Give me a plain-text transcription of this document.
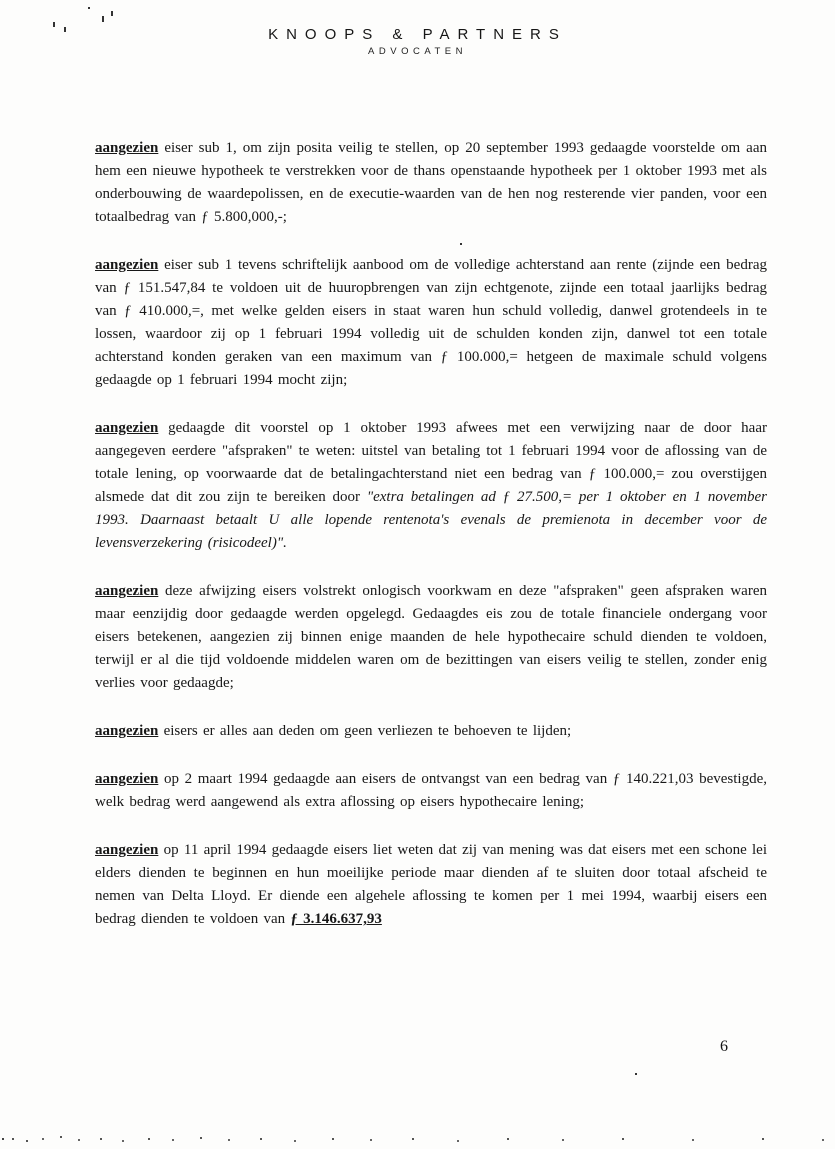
KNOOPS & PARTNERS
ADVOCATEN

aangezien eiser sub 1, om zijn posita veilig te stellen, op 20 september 1993 gedaagde voorstelde om aan hem een nieuwe hypotheek te verstrekken voor de thans openstaande hypotheek per 1 oktober 1993 met als onderbouwing de waardepolissen, en de executie-waarden van de hen nog resterende vier panden, voor een totaalbedrag van ƒ 5.800,000,-;

aangezien eiser sub 1 tevens schriftelijk aanbood om de volledige achterstand aan rente (zijnde een bedrag van ƒ 151.547,84 te voldoen uit de huuropbrengen van zijn echtgenote, zijnde een totaal jaarlijks bedrag van ƒ 410.000,=, met welke gelden eisers in staat waren hun schuld volledig, danwel grotendeels in te lossen, waardoor zij op 1 februari 1994 volledig uit de schulden konden zijn, danwel tot een totale achterstand konden geraken van een maximum van ƒ 100.000,= hetgeen de maximale schuld volgens gedaagde op 1 februari 1994 mocht zijn;

aangezien gedaagde dit voorstel op 1 oktober 1993 afwees met een verwijzing naar de door haar aangegeven eerdere "afspraken" te weten: uitstel van betaling tot 1 februari 1994 voor de aflossing van de totale lening, op voorwaarde dat de betalingachterstand niet een bedrag van ƒ 100.000,= zou overstijgen alsmede dat dit zou zijn te bereiken door "extra betalingen ad ƒ 27.500,= per 1 oktober en 1 november 1993. Daarnaast betaalt U alle lopende rentenota's evenals de premienota in december voor de levensverzekering (risicodeel)".

aangezien deze afwijzing eisers volstrekt onlogisch voorkwam en deze "afspraken" geen afspraken waren maar eenzijdig door gedaagde werden opgelegd. Gedaagdes eis zou de totale financiele ondergang voor eisers betekenen, aangezien zij binnen enige maanden de hele hypothecaire schuld dienden te voldoen, terwijl er al die tijd voldoende middelen waren om de bezittingen van eisers veilig te stellen, zonder enig verlies voor gedaagde;

aangezien eisers er alles aan deden om geen verliezen te behoeven te lijden;

aangezien op 2 maart 1994 gedaagde aan eisers de ontvangst van een bedrag van ƒ 140.221,03 bevestigde, welk bedrag werd aangewend als extra aflossing op eisers hypothecaire lening;

aangezien op 11 april 1994 gedaagde eisers liet weten dat zij van mening was dat eisers met een schone lei elders dienden te beginnen en hun moeilijke periode maar dienden af te sluiten door totaal afscheid te nemen van Delta Lloyd. Er diende een algehele aflossing te komen per 1 mei 1994, waarbij eisers een bedrag dienden te voldoen van ƒ 3.146.637,93

6
